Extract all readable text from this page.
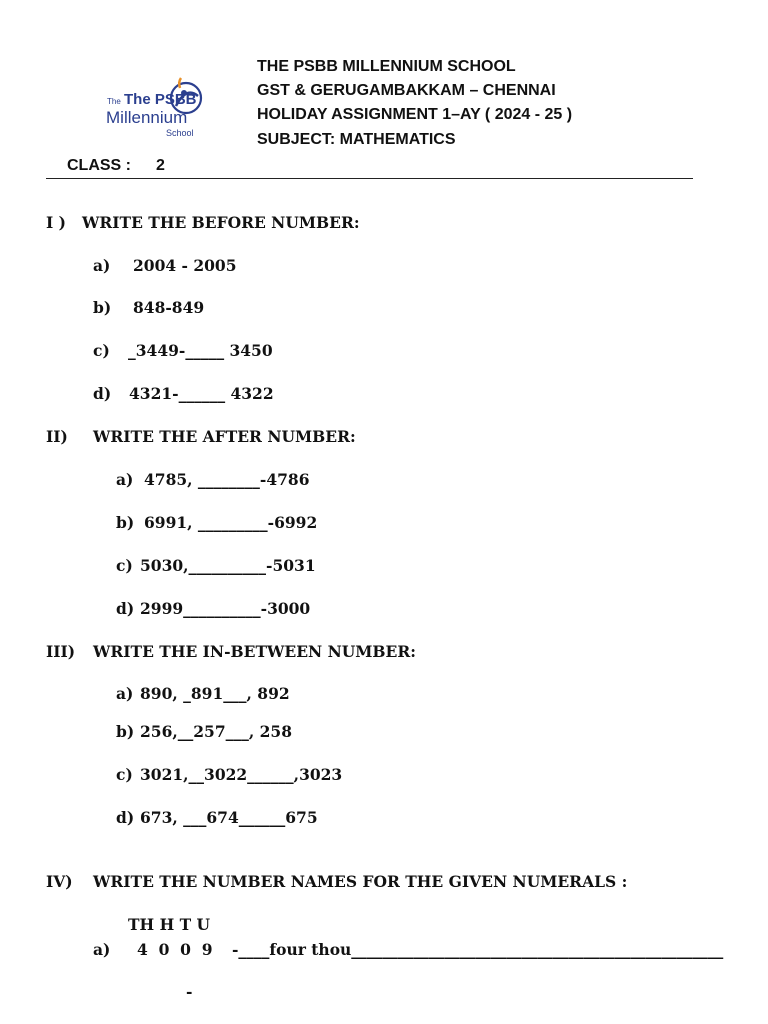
The The PSBB
Millennium
School
THE PSBB MILLENNIUM SCHOOL
GST & GERUGAMBAKKAM – CHENNAI
HOLIDAY ASSIGNMENT 1–AY ( 2024 - 25 )
SUBJECT: MATHEMATICS
CLASS : 2
I ) WRITE THE BEFORE NUMBER:
a) 2004 - 2005
b) 848-849
c) _3449-_____ 3450
d) 4321-______ 4322
II) WRITE THE AFTER NUMBER:
a) 4785, ________-4786
b) 6991, _________-6992
c) 5030,__________-5031
d) 2999__________-3000
III) WRITE THE IN-BETWEEN NUMBER:
a) 890, _891___, 892
b) 256,__257___, 258
c) 3021,__3022______,3023
d) 673, ___674______675
IV) WRITE THE NUMBER NAMES FOR THE GIVEN NUMERALS :
TH H T U
a) 4  0  0  9 -____four thou________________________________________________
-
